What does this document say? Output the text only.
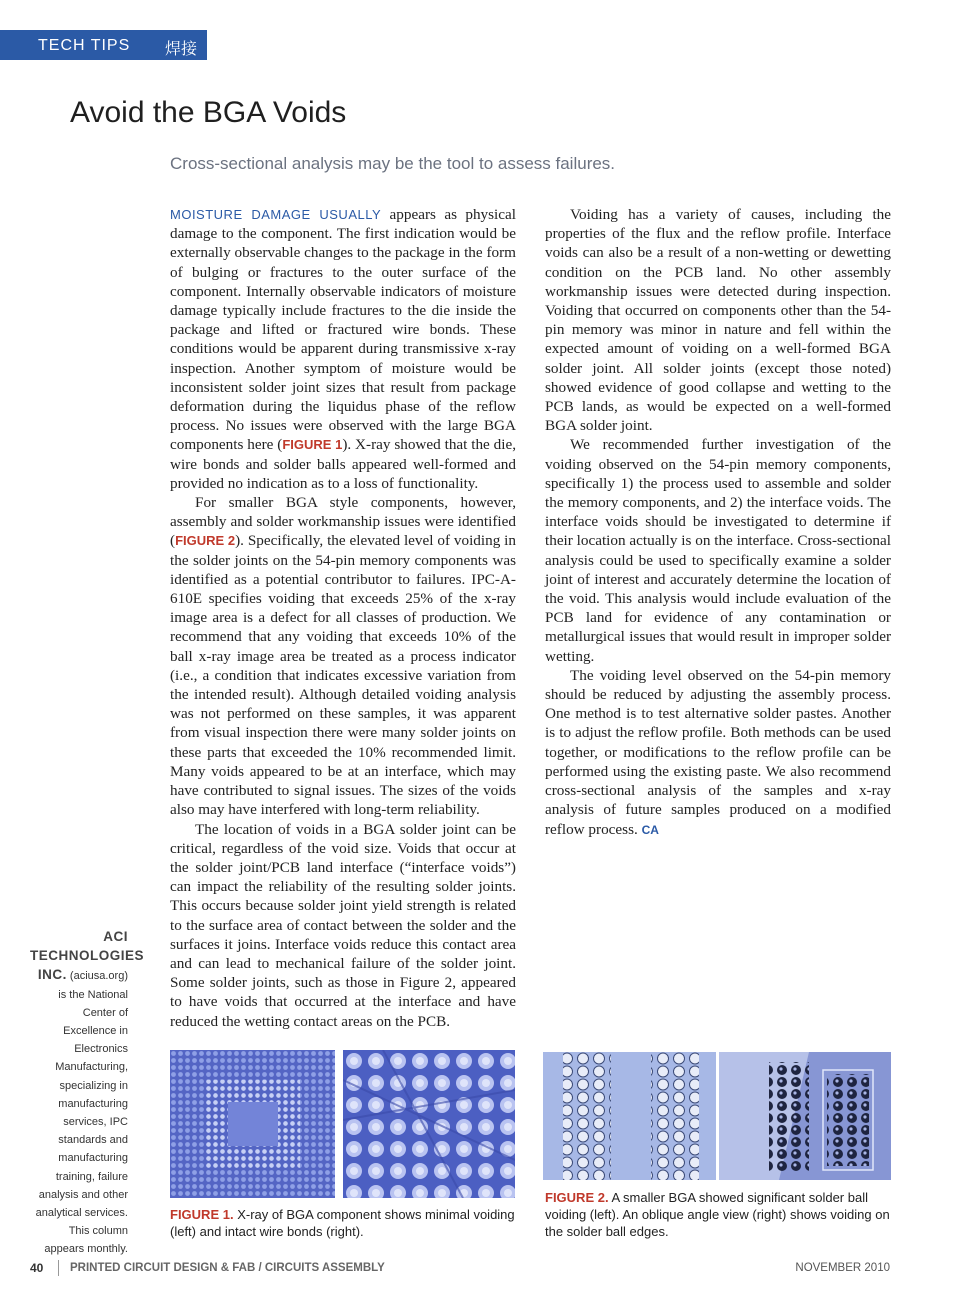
TECH TIPS 焊接
Avoid the BGA Voids

Cross-sectional analysis may be the tool to assess failures.

MOISTURE DAMAGE USUALLY appears as physical damage to the component. The first indication would be externally observable changes to the package in the form of bulging or fractures to the outer surface of the component. Internally observable indicators of moisture damage typically include fractures to the die inside the package and lifted or fractured wire bonds. These conditions would be apparent during transmissive x-ray inspection. Another symptom of moisture would be inconsistent solder joint sizes that result from package deformation during the liquidus phase of the reflow process. No issues were observed with the large BGA components here (FIGURE 1). X-ray showed that the die, wire bonds and solder balls appeared well-formed and provided no indication as to a loss of functionality.

For smaller BGA style components, however, assembly and solder workmanship issues were identified (FIGURE 2). Specifically, the elevated level of voiding in the solder joints on the 54-pin memory components was identified as a potential contributor to failures. IPC-A-610E specifies voiding that exceeds 25% of the x-ray image area is a defect for all classes of production. We recommend that any voiding that exceeds 10% of the ball x-ray image area be treated as a process indicator (i.e., a condition that indicates excessive variation from the intended result). Although detailed voiding analysis was not performed on these samples, it was apparent from visual inspection there were many solder joints on these parts that exceeded the 10% recommended limit. Many voids appeared to be at an interface, which may have contributed to signal issues. The sizes of the voids also may have interfered with long-term reliability.

The location of voids in a BGA solder joint can be critical, regardless of the void size. Voids that occur at the solder joint/PCB land interface (“interface voids”) can impact the reliability of the resulting solder joints. This occurs because solder joint yield strength is related to the surface area of contact between the solder and the surfaces it joins. Interface voids reduce this contact area and can lead to mechanical failure of the solder joint. Some solder joints, such as those in Figure 2, appeared to have voids that occurred at the interface and have reduced the wetting contact areas on the PCB.

Voiding has a variety of causes, including the properties of the flux and the reflow profile. Interface voids can also be a result of a non-wetting or dewetting condition on the PCB land. No other assembly workmanship issues were detected during inspection. Voiding that occurred on components other than the 54-pin memory was minor in nature and fell within the expected amount of voiding on a well-formed BGA solder joint. All solder joints (except those noted) showed evidence of good collapse and wetting to the PCB lands, as would be expected on a well-formed BGA solder joint.

We recommended further investigation of the voiding observed on the 54-pin memory components, specifically 1) the process used to assemble and solder the memory components, and 2) the interface voids. The interface voids should be investigated to determine if their location actually is on the interface. Cross-sectional analysis could be used to specifically examine a solder joint of interest and accurately determine the location of the void. This analysis would include evaluation of the PCB land for evidence of any contamination or metallurgical issues that would result in improper solder wetting.

The voiding level observed on the 54-pin memory should be reduced by adjusting the assembly process. One method is to test alternative solder pastes. Another is to adjust the reflow profile. Both methods can be used together, or modifications to the reflow profile can be performed using the existing paste. We also recommend cross-sectional analysis of the samples and x-ray analysis of future samples produced on a modified reflow process. CA

ACI TECHNOLOGIES INC. (aciusa.org) is the National Center of Excellence in Electronics Manufacturing, specializing in manufacturing services, IPC standards and manufacturing training, failure analysis and other analytical services. This column appears monthly.

FIGURE 1. X-ray of BGA component shows minimal voiding (left) and intact wire bonds (right).

FIGURE 2. A smaller BGA showed significant solder ball voiding (left). An oblique angle view (right) shows voiding on the solder ball edges.

40 PRINTED CIRCUIT DESIGN & FAB / CIRCUITS ASSEMBLY	NOVEMBER 2010
